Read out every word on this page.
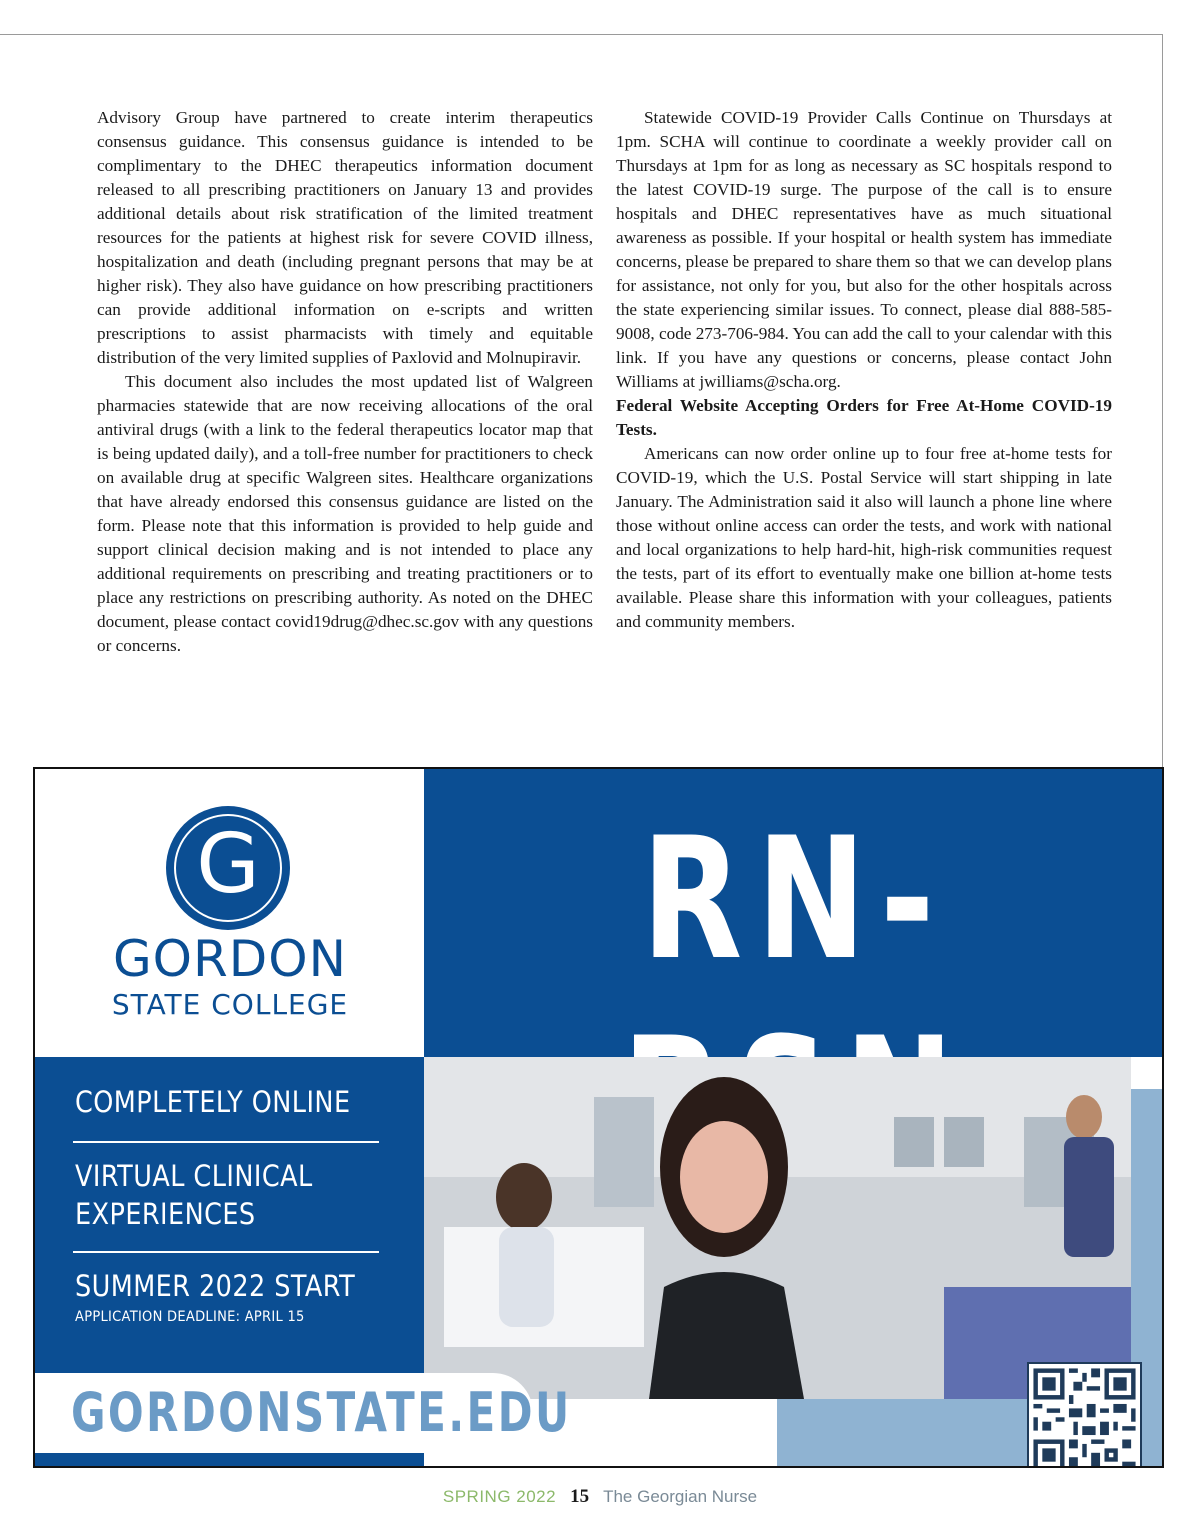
Advisory Group have partnered to create interim therapeutics consensus guidance. This consensus guidance is intended to be complimentary to the DHEC therapeutics information document released to all prescribing practitioners on January 13 and provides additional details about risk stratification of the limited treatment resources for the patients at highest risk for severe COVID illness, hospitalization and death (including pregnant persons that may be at higher risk). They also have guidance on how prescribing practitioners can provide additional information on e-scripts and written prescriptions to assist pharmacists with timely and equitable distribution of the very limited supplies of Paxlovid and Molnupiravir.

This document also includes the most updated list of Walgreen pharmacies statewide that are now receiving allocations of the oral antiviral drugs (with a link to the federal therapeutics locator map that is being updated daily), and a toll-free number for practitioners to check on available drug at specific Walgreen sites. Healthcare organizations that have already endorsed this consensus guidance are listed on the form. Please note that this information is provided to help guide and support clinical decision making and is not intended to place any additional requirements on prescribing and treating practitioners or to place any restrictions on prescribing authority. As noted on the DHEC document, please contact covid19drug@dhec.sc.gov with any questions or concerns.

Statewide COVID-19 Provider Calls Continue on Thursdays at 1pm. SCHA will continue to coordinate a weekly provider call on Thursdays at 1pm for as long as necessary as SC hospitals respond to the latest COVID-19 surge. The purpose of the call is to ensure hospitals and DHEC representatives have as much situational awareness as possible. If your hospital or health system has immediate concerns, please be prepared to share them so that we can develop plans for assistance, not only for you, but also for the other hospitals across the state experiencing similar issues. To connect, please dial 888-585-9008, code 273-706-984. You can add the call to your calendar with this link. If you have any questions or concerns, please contact John Williams at jwilliams@scha.org.

Federal Website Accepting Orders for Free At-Home COVID-19 Tests.

Americans can now order online up to four free at-home tests for COVID-19, which the U.S. Postal Service will start shipping in late January. The Administration said it also will launch a phone line where those without online access can order the tests, and work with national and local organizations to help hard-hit, high-risk communities request the tests, part of its effort to eventually make one billion at-home tests available. Please share this information with your colleagues, patients and community members.

G
GORDON
STATE COLLEGE
RN-
COMPLETELY ONLINE
VIRTUAL CLINICAL EXPERIENCES
SUMMER 2022 START
APPLICATION DEADLINE: APRIL 15
GORDONSTATE.EDU
SPRING 2022 15 The Georgian Nurse
